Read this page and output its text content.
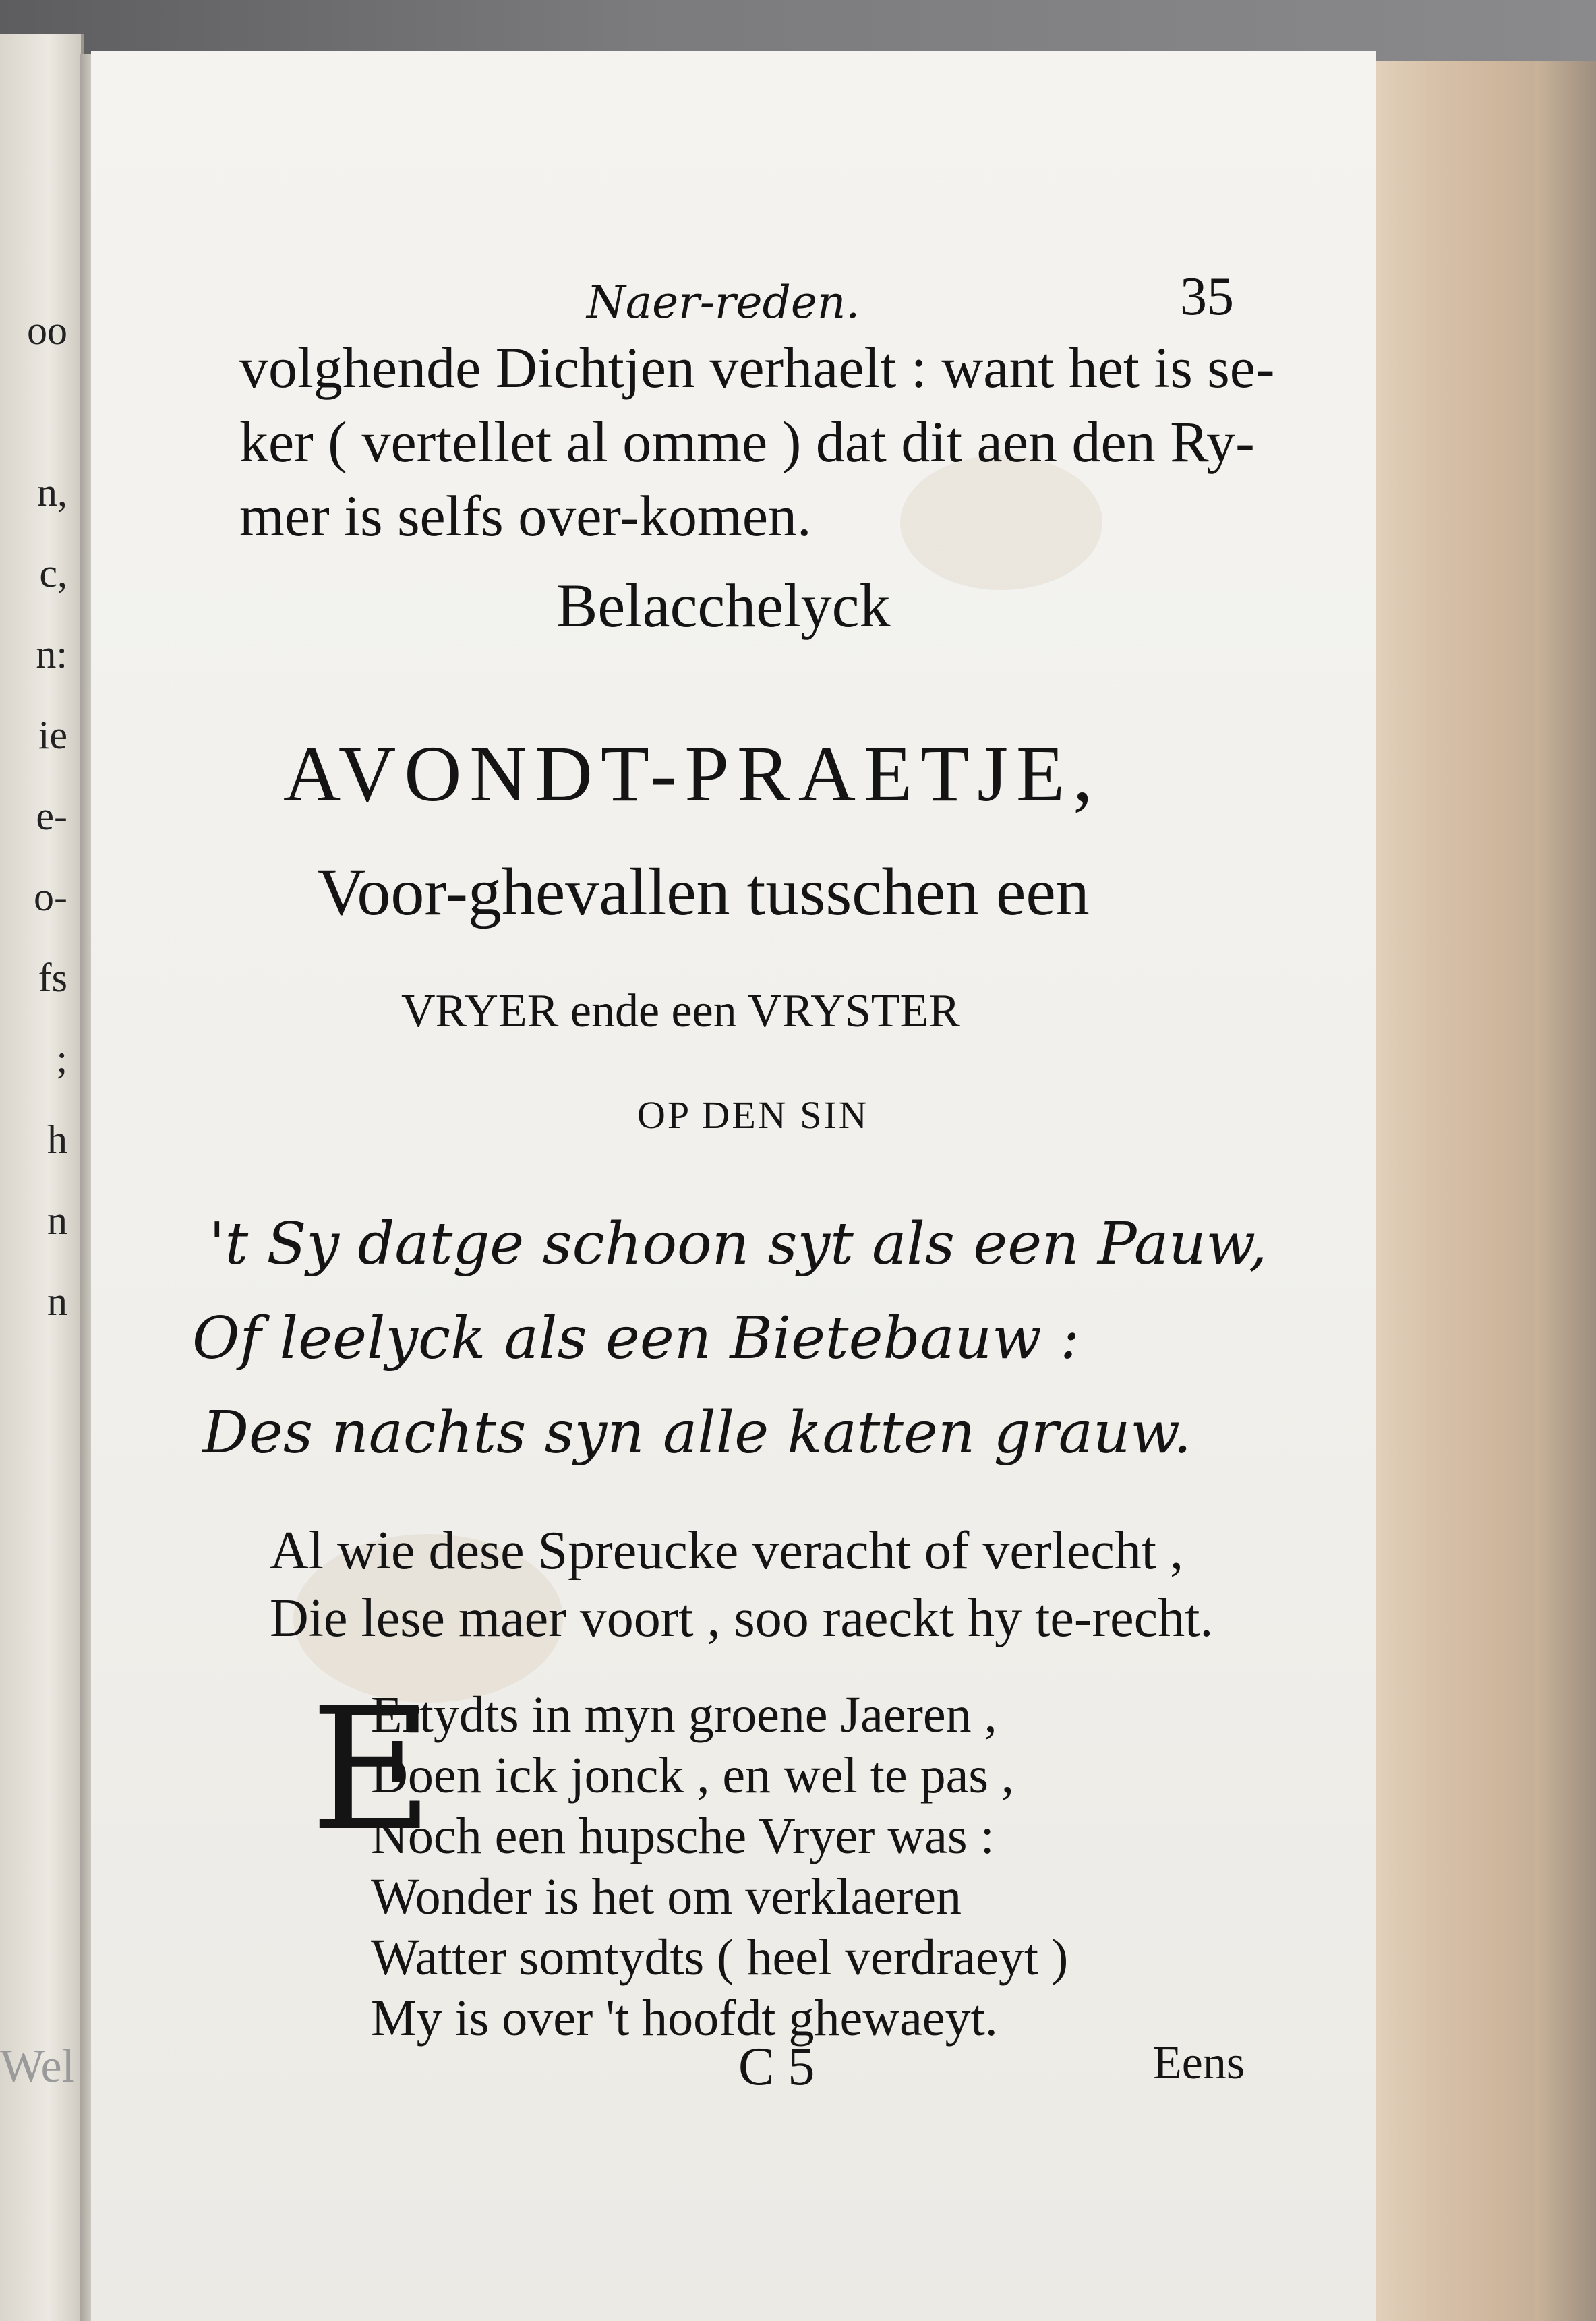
oo

n,
c,
n:
ie
e-
o-
fs
;
h
n
n
Wel
Naer-reden.	35
volghende Dichtjen verhaelt : want het is se-
ker ( vertellet al omme ) dat dit aen den Ry-
mer is selfs over-komen.
Belacchelyck
AVONDT-PRAETJE,
Voor-ghevallen tusschen een
VRYER ende een VRYSTER
OP DEN SIN
't Sy datge schoon syt als een Pauw,
Of leelyck als een Bietebauw :
Des nachts syn alle katten grauw.
Al wie dese Spreucke veracht of verlecht ,
Die lese maer voort , soo raeckt hy te-recht.
E
Ertydts in myn groene Jaeren ,
Doen ick jonck , en wel te pas ,
Noch een hupsche Vryer was :
Wonder is het om verklaeren
Watter somtydts ( heel verdraeyt )
My is over 't hoofdt ghewaeyt.
C 5	Eens
